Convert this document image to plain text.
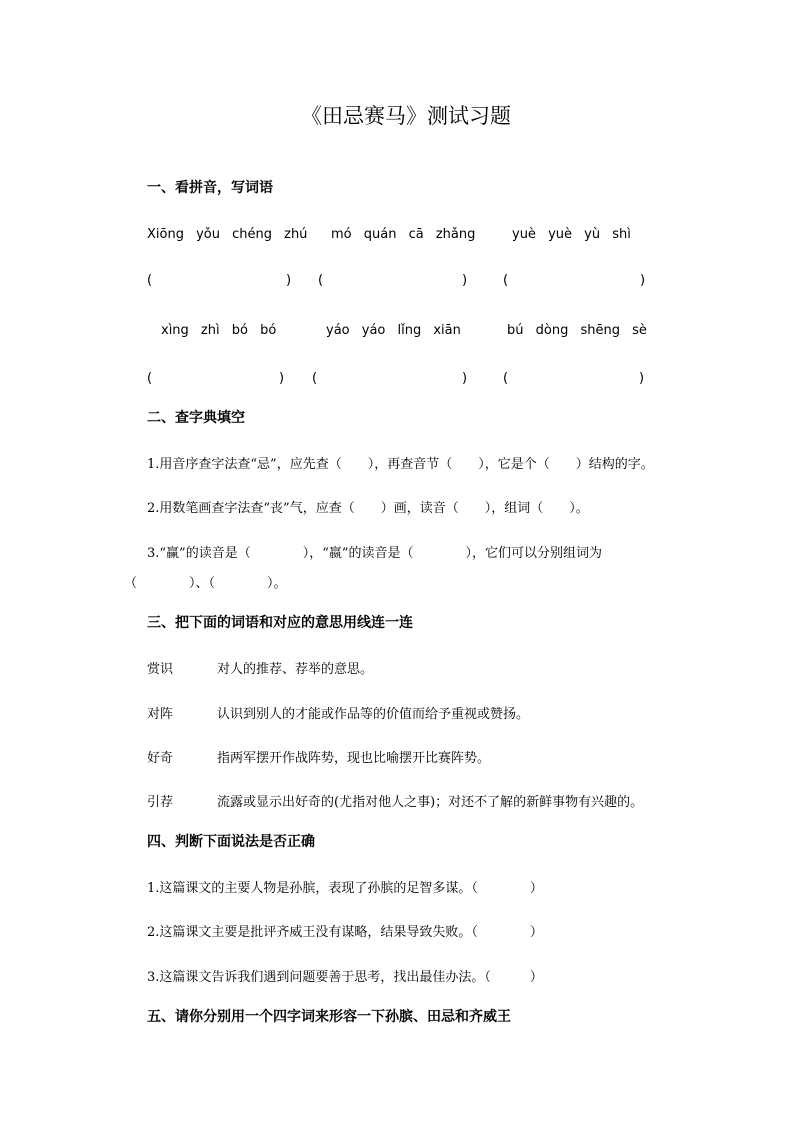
《田忌赛马》测试习题
一、看拼音，写词语
Xiōng yǒu chéng zhú mó quán cā zhǎng	yuè yuè yù shì
(	) (	)	(	)
xìng zhì bó bó	yáo yáo lǐng xiān	bú dòng shēng sè
(	) (	)	(	)
二、查字典填空
1.用音序查字法查“忌”，应先查（　　），再查音节（　　），它是个（　　）结构的字。
2.用数笔画查字法查“丧”气，应查（　　）画，读音（　　），组词（　　）。
3.“赢”的读音是（　　　　），“嬴”的读音是（　　　　），它们可以分别组词为
（　　　　）、（　　　　）。
三、把下面的词语和对应的意思用线连一连
赏识	对人的推荐、荐举的意思。
对阵	认识到别人的才能或作品等的价值而给予重视或赞扬。
好奇	指两军摆开作战阵势，现也比喻摆开比赛阵势。
引荐	流露或显示出好奇的(尤指对他人之事)；对还不了解的新鲜事物有兴趣的。
四、判断下面说法是否正确
1.这篇课文的主要人物是孙膑，表现了孙膑的足智多谋。（　　　　）
2.这篇课文主要是批评齐威王没有谋略，结果导致失败。（　　　　）
3.这篇课文告诉我们遇到问题要善于思考，找出最佳办法。（　　　）
五、请你分别用一个四字词来形容一下孙膑、田忌和齐威王
